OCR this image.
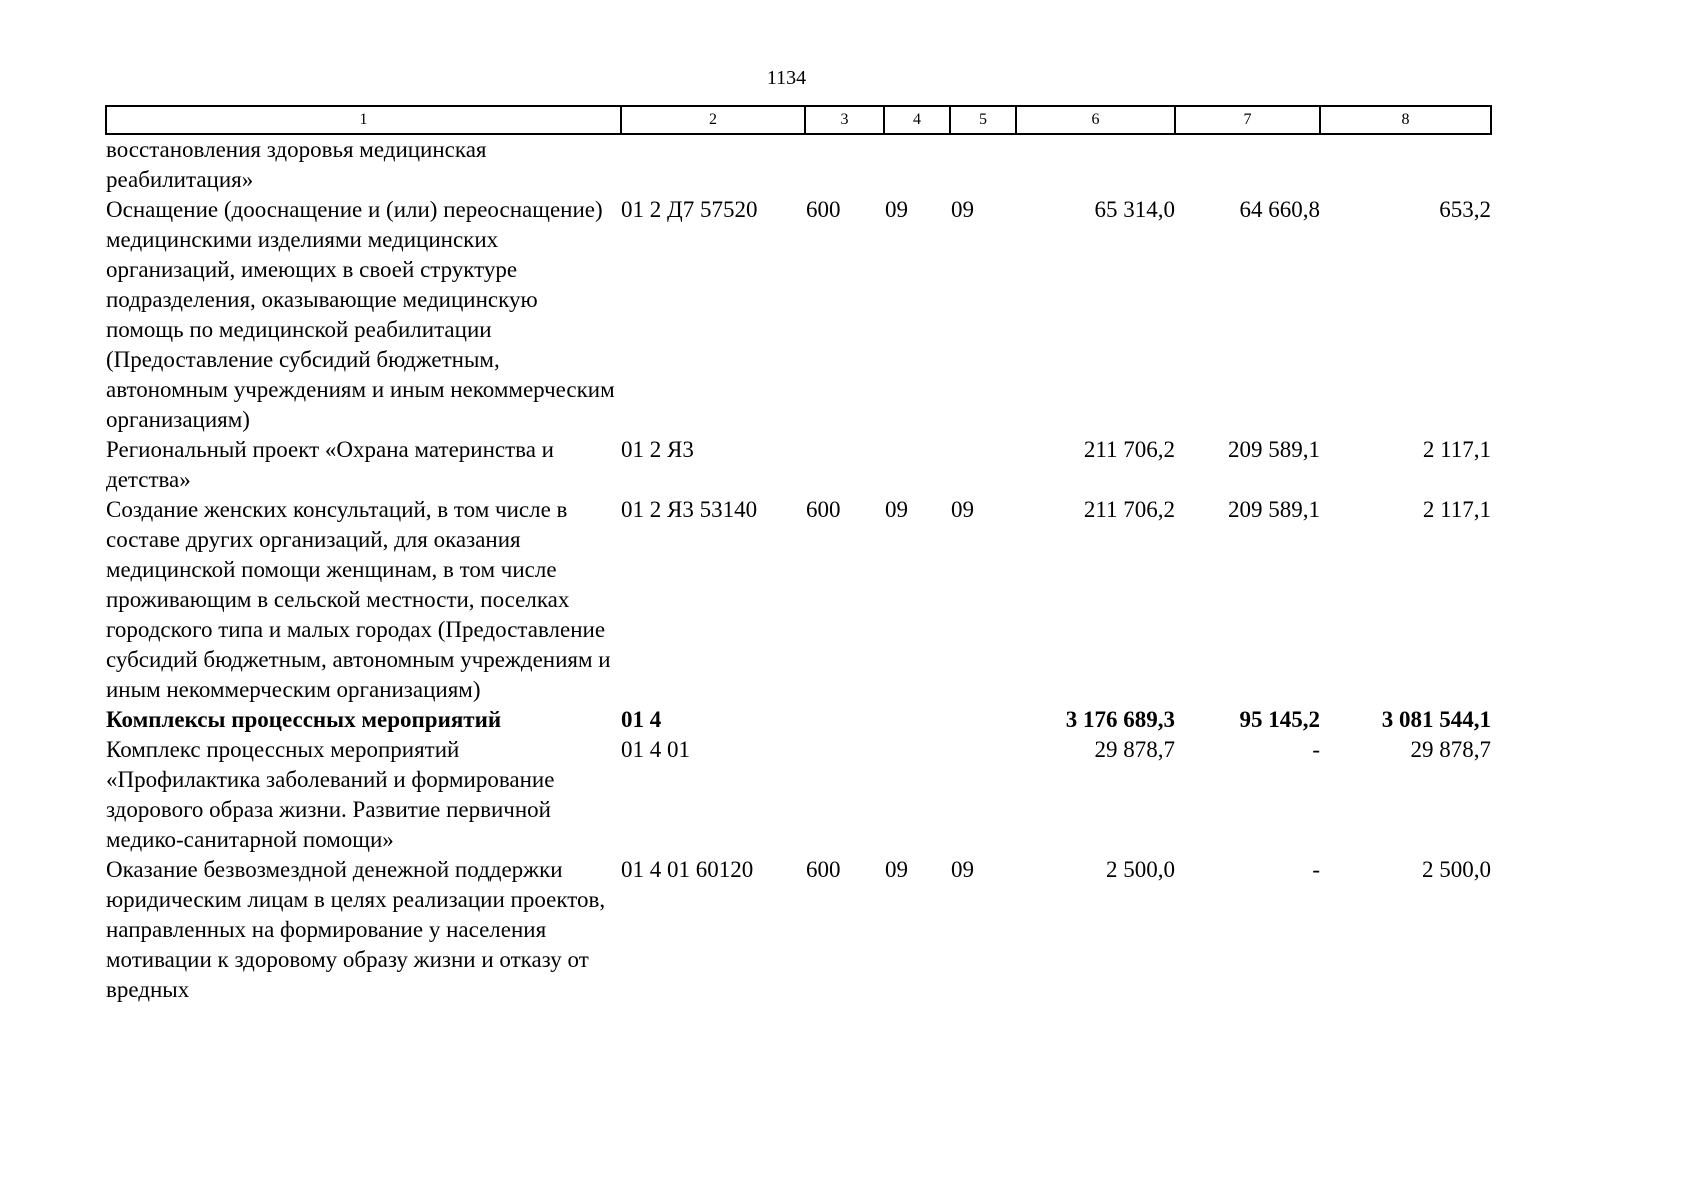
1134
1	2	3	4	5	6	7	8
восстановления здоровья медицинская реабилитация»							
Оснащение (дооснащение и (или) переоснащение) медицинскими изделиями медицинских организаций, имеющих в своей структуре подразделения, оказывающие медицинскую помощь по медицинской реабилитации (Предоставление субсидий бюджетным, автономным учреждениям и иным некоммерческим организациям)	01 2 Д7 57520	600	09	09	65 314,0	64 660,8	653,2
Региональный проект «Охрана материнства и детства»	01 2 Я3				211 706,2	209 589,1	2 117,1
Создание женских консультаций, в том числе в составе других организаций, для оказания медицинской помощи женщинам, в том числе проживающим в сельской местности, поселках городского типа и малых городах (Предоставление субсидий бюджетным, автономным учреждениям и иным некоммерческим организациям)	01 2 Я3 53140	600	09	09	211 706,2	209 589,1	2 117,1
Комплексы процессных мероприятий	01 4				3 176 689,3	95 145,2	3 081 544,1
Комплекс процессных мероприятий «Профилактика заболеваний и формирование здорового образа жизни. Развитие первичной медико-санитарной помощи»	01 4 01				29 878,7	-	29 878,7
Оказание безвозмездной денежной поддержки юридическим лицам в целях реализации проектов, направленных на формирование у населения мотивации к здоровому образу жизни и отказу от вредных	01 4 01 60120	600	09	09	2 500,0	-	2 500,0
